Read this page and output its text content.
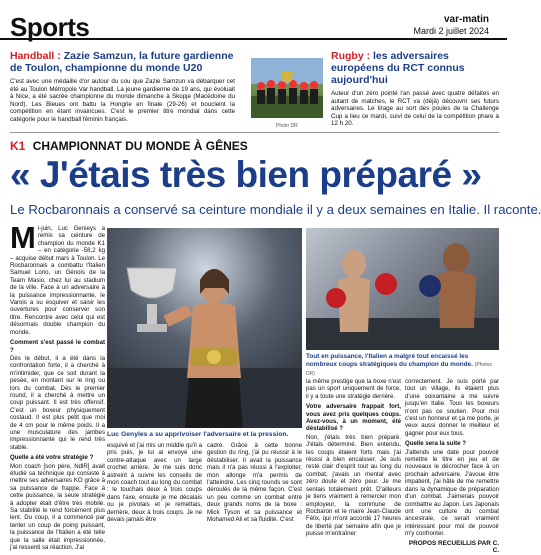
Sports	var-matin
Mardi 2 juillet 2024
Handball : Zazie Samzun, la future gardienne de Toulon, championne du monde U20
C'est avec une médaille d'or autour du cou que Zazie Samzun va débarquer cet été au Toulon Métropole Var handball. La jeune gardienne de 19 ans, qui évoluait à Nice, a été sacrée championne du monde dimanche à Skopje (Macédoine du Nord). Les Bleues ont battu la Hongrie en finale (29-26) et boucleint la compétition en étant invaincues. C'est le premier titre mondial dans cette catégorie pour le handball féminin français.
Photo DR
Rugby : les adversaires européens du RCT connus aujourd'hui
Auteur d'un zéro pointé l'an passé avec quatre défaites en autant de matches, le RCT va (déjà) découvrir ses futurs adversaires. Le tirage au sort des poules de la Challenge Cup a lieu ce mardi, suivi de celui de la compétition phare à 12 h 20.
K1 CHAMPIONNAT DU MONDE À GÊNES
« J'étais très bien préparé »
Le Rocbaronnais a conservé sa ceinture mondiale il y a deux semaines en Italie. Il raconte.

Mi-juin, Luc Genieys a remis sa ceinture de champion du monde K1 – en catégorie -58,2 kg – acquise début mars à Toulon. Le Rocbaronnais a combattu l'Italien Samuel Lorio, un Génois de la Team Masio, chez lui au stadium de la ville. Face à un adversaire à la puissance impressionnante, le Varois a su esquiver et saisir les ouvertures pour conserver son titre. Rencontre avec celui qui est désormais double champion du monde.

Comment s'est passé le combat ?

Dès le début, il a été dans la confrontation forte, il a cherché à m'intimider, que ce soit durant la pesée, en montant sur le ring ou lors du combat. Dès le premier round, il a cherché à mettre un coup puissant. Il est très offensif. C'est un boxeur physiquement costaud. Il est plus petit que moi de 4 cm pour le même poids. Il a une musculature des jambes impressionnante qui le rend très stable.

Quelle a été votre stratégie ?

Mon coach [son père, NdlR] avait étudié sa technique qui consiste à mettre ses adversaires KO grâce à sa puissance de frappe. Face à cette puissance, la seule stratégie à adopter était d'être très mobile. Sa stabilité le rend forcément plus lent. Du coup, il a commencé par tenter un coup de poing puissant, la puissance de l'Italien a été telle que la salle était impressionnée, j'ai ressenti sa réaction. J'ai

Luc Genyles a su apprivoiser l'adversaire et la pression.
Tout en puissance, l'Italien a malgré tout encaissé les nombreux coups stratégiques du champion du monde. (Photos DR)

esquivé et j'ai mis un middle qu'il a pris puis, je lui ai envoyé une contre-attaque avec un large crochet arrière. Je me suis donc astreint à suivre les conseils de mon coach tout au long du combat : le touchais deux à trois coups dans l'axe, ensuite je me décalais ou je pivotais et je remettais, derrière, deux à trois coups. Je ne devais jamais être

cadré. Grâce à cette bonne gestion du ring, j'ai pu réussir à le déstabiliser. Il avait la puissance mais il n'a pas réussi à l'exploiter, mon allonge m'a permis de l'atteindre. Les cinq rounds se sont déroulés de la même façon. C'est un peu comme un combat entre deux grands noms de la boxe : Mick Tyson et sa puissance et Mohamed Ali et sa fluidité. C'est

la même prestige que la boxe n'est pas un sport uniquement de force, il y a toute une stratégie derrière.

Votre adversaire frappait fort, vous avez pris quelques coups. Avez-vous, à un moment, été déstabilisé ?

Non, j'étais très bien préparé. J'étais déterminé. Bien entendu, les coups étaient forts mais j'ai réussi à bien encaisser. Je suis resté clair d'esprit tout au long du combat, j'avais un mental avec zéro doute et zéro peur. Je me sentais totalement prêt. D'ailleurs je tiens vraiment à remercier mon employeur, la commune de Rocbaron et le maire Jean-Claude Félix, qui m'ont accordé 17 heures de liberté par semaine afin que je puisse m'entraîner

correctement. Je suis porté par tout un village, ils étaient plus d'une soixantaine à me suivre jusqu'en Italie. Tous les boxeurs n'ont pas ce soutien. Pour moi c'est un honneur et ça me porte, je veux aussi donner le meilleur et gagner pour eux tous.

Quelle sera la suite ?

J'attends une date pour pouvoir remettre le titre en jeu et de nouveaux le décrocher face à un prochain adversaire. J'avoue être impatient, j'ai hâte de me remettre dans la dynamique de préparation d'un combat. J'aimerais pouvoir combattre au Japon. Les Japonais ont une culture du combat ancestrale, ce serait vraiment intéressant pour moi de pouvoir m'y confronter.

PROPOS RECUEILLIS PAR C. C.
